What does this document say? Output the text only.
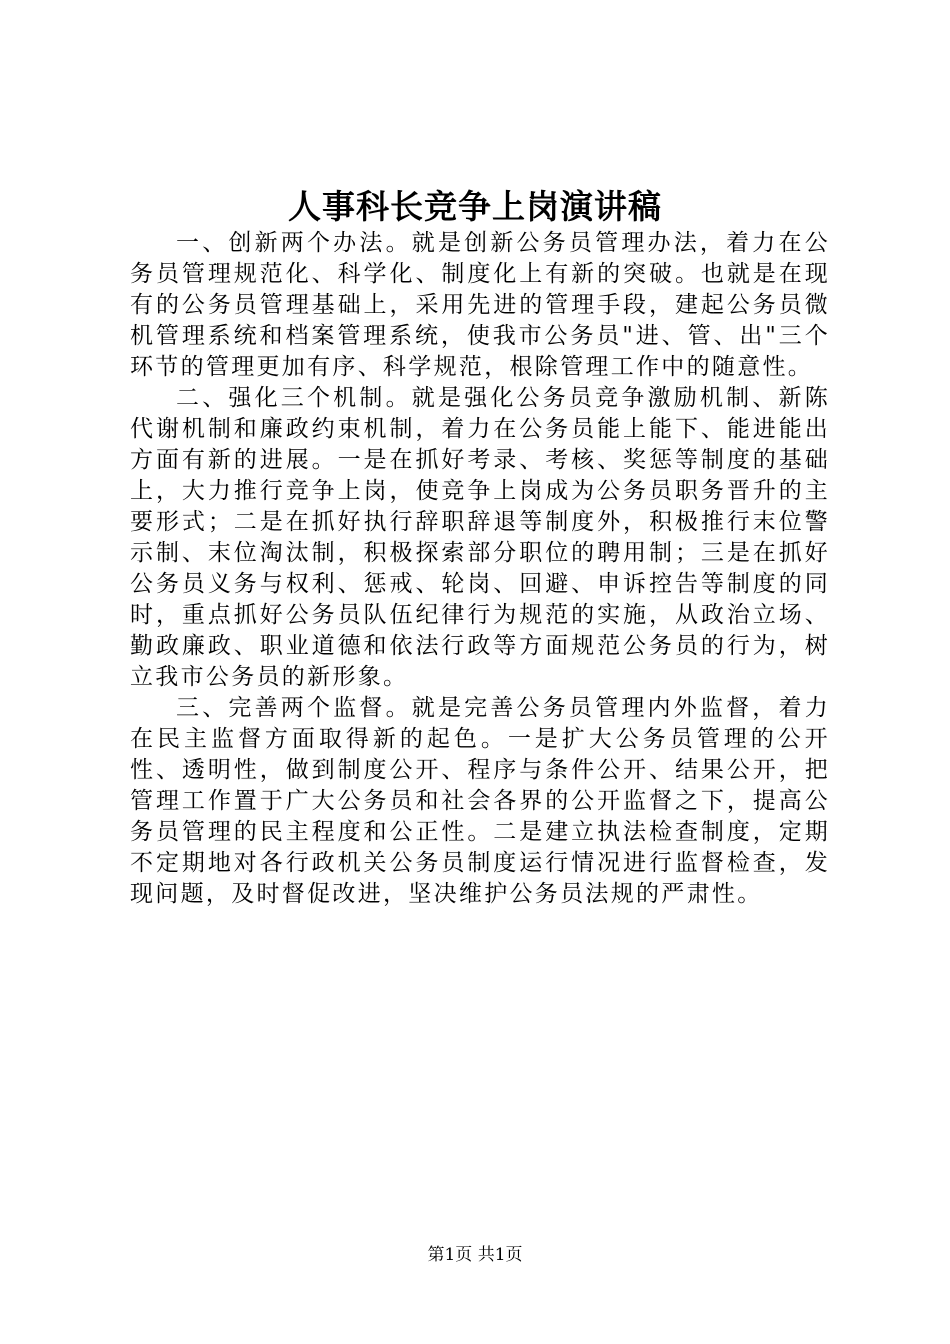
人事科长竞争上岗演讲稿

一、创新两个办法。就是创新公务员管理办法，着力在公务员管理规范化、科学化、制度化上有新的突破。也就是在现有的公务员管理基础上，采用先进的管理手段，建起公务员微机管理系统和档案管理系统，使我市公务员"进、管、出"三个环节的管理更加有序、科学规范，根除管理工作中的随意性。

二、强化三个机制。就是强化公务员竞争激励机制、新陈代谢机制和廉政约束机制，着力在公务员能上能下、能进能出方面有新的进展。一是在抓好考录、考核、奖惩等制度的基础上，大力推行竞争上岗，使竞争上岗成为公务员职务晋升的主要形式；二是在抓好执行辞职辞退等制度外，积极推行末位警示制、末位淘汰制，积极探索部分职位的聘用制；三是在抓好公务员义务与权利、惩戒、轮岗、回避、申诉控告等制度的同时，重点抓好公务员队伍纪律行为规范的实施，从政治立场、勤政廉政、职业道德和依法行政等方面规范公务员的行为，树立我市公务员的新形象。

三、完善两个监督。就是完善公务员管理内外监督，着力在民主监督方面取得新的起色。一是扩大公务员管理的公开性、透明性，做到制度公开、程序与条件公开、结果公开，把管理工作置于广大公务员和社会各界的公开监督之下，提高公务员管理的民主程度和公正性。二是建立执法检查制度，定期不定期地对各行政机关公务员制度运行情况进行监督检查，发现问题，及时督促改进，坚决维护公务员法规的严肃性。

第1页 共1页
